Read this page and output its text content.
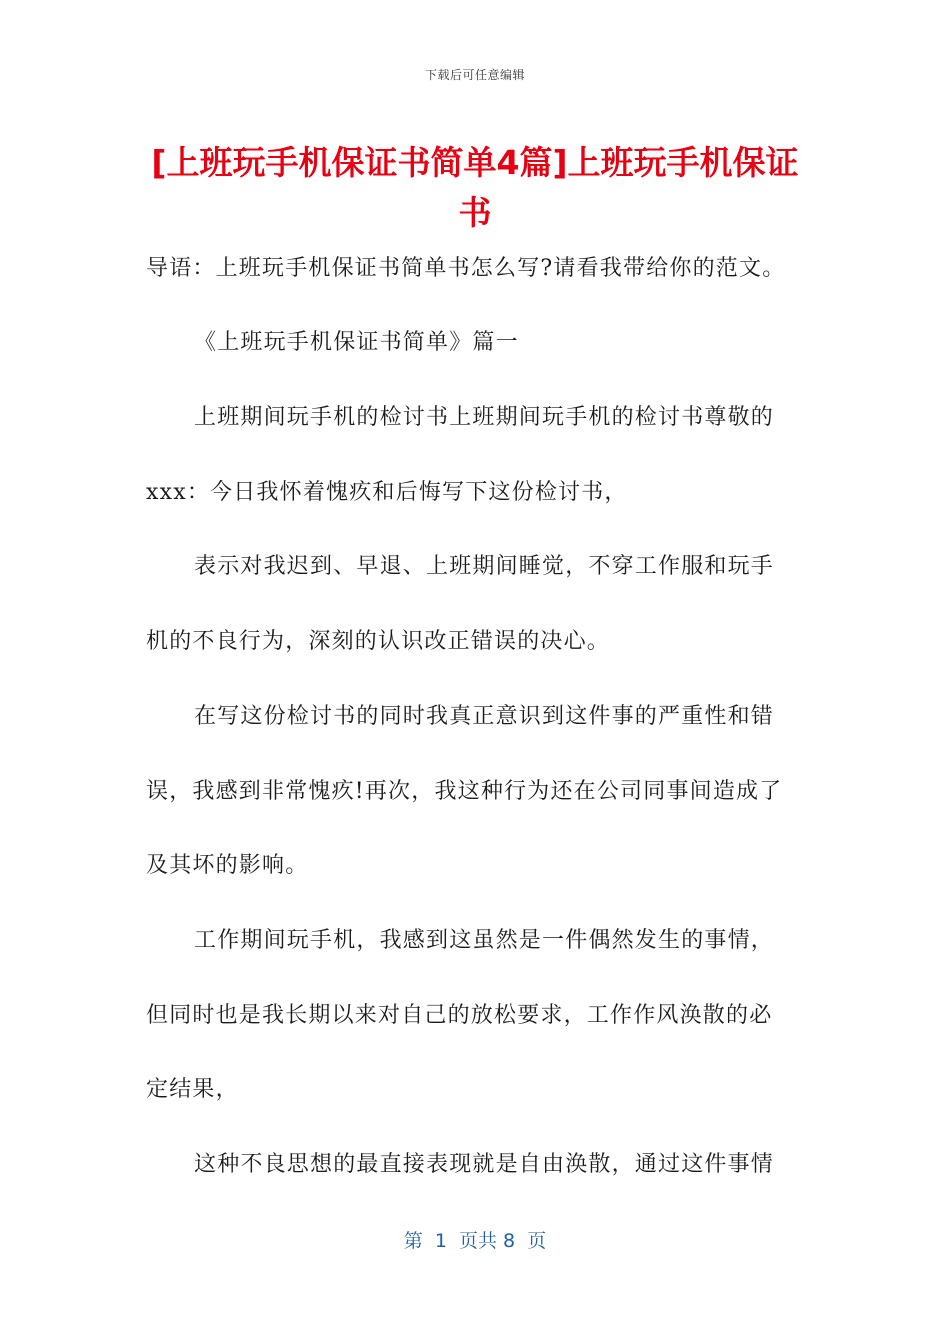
下载后可任意编辑
[上班玩手机保证书简单4篇]上班玩手机保证书
导语：上班玩手机保证书简单书怎么写?请看我带给你的范文。
《上班玩手机保证书简单》篇一
上班期间玩手机的检讨书上班期间玩手机的检讨书尊敬的
xxx：今日我怀着愧疚和后悔写下这份检讨书，
表示对我迟到、早退、上班期间睡觉，不穿工作服和玩手
机的不良行为，深刻的认识改正错误的决心。
在写这份检讨书的同时我真正意识到这件事的严重性和错
误，我感到非常愧疚!再次，我这种行为还在公司同事间造成了
及其坏的影响。
工作期间玩手机，我感到这虽然是一件偶然发生的事情，
但同时也是我长期以来对自己的放松要求，工作作风涣散的必
定结果，
这种不良思想的最直接表现就是自由涣散，通过这件事情
第  1  页共 8  页
